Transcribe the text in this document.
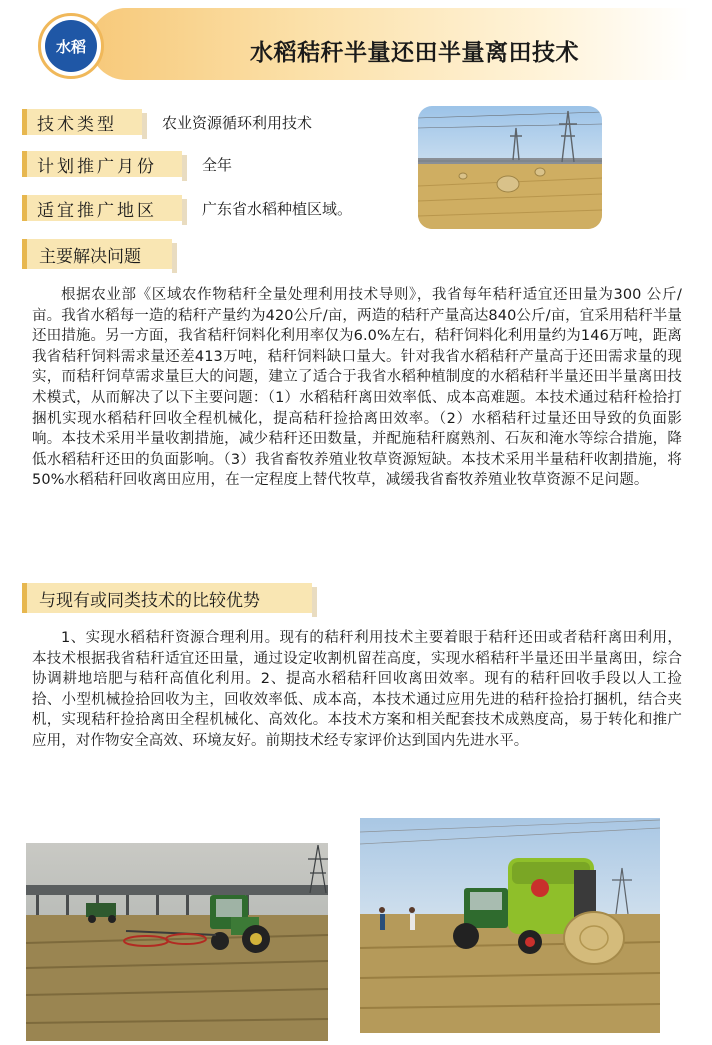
水稻秸秆半量还田半量离田技术
水稻
技术类型	农业资源循环利用技术
计划推广月份	全年
适宜推广地区	广东省水稻种植区域。
主要解决问题
根据农业部《区域农作物秸秆全量处理利用技术导则》，我省每年秸秆适宜还田量为300 公斤/亩。我省水稻每一造的秸秆产量约为420公斤/亩，两造的秸秆产量高达840公斤/亩，宜采用秸秆半量还田措施。另一方面，我省秸秆饲料化利用率仅为6.0%左右，秸秆饲料化利用量约为146万吨，距离我省秸秆饲料需求量还差413万吨，秸秆饲料缺口量大。针对我省水稻秸秆产量高于还田需求量的现实，而秸秆饲草需求量巨大的问题，建立了适合于我省水稻种植制度的水稻秸秆半量还田半量离田技术模式，从而解决了以下主要问题：（1）水稻秸秆离田效率低、成本高难题。本技术通过秸秆检拾打捆机实现水稻秸秆回收全程机械化，提高秸秆捡拾离田效率。（2）水稻秸秆过量还田导致的负面影响。本技术采用半量收割措施，减少秸秆还田数量，并配施秸秆腐熟剂、石灰和淹水等综合措施，降低水稻秸秆还田的负面影响。（3）我省畜牧养殖业牧草资源短缺。本技术采用半量秸秆收割措施，将50%水稻秸秆回收离田应用，在一定程度上替代牧草，减缓我省畜牧养殖业牧草资源不足问题。
与现有或同类技术的比较优势
1、实现水稻秸秆资源合理利用。现有的秸秆利用技术主要着眼于秸秆还田或者秸秆离田利用，本技术根据我省秸秆适宜还田量，通过设定收割机留茬高度，实现水稻秸秆半量还田半量离田，综合协调耕地培肥与秸秆高值化利用。2、提高水稻秸秆回收离田效率。现有的秸秆回收手段以人工捡拾、小型机械捡拾回收为主，回收效率低、成本高，本技术通过应用先进的秸秆捡拾打捆机，结合夹机，实现秸秆捡拾离田全程机械化、高效化。本技术方案和相关配套技术成熟度高，易于转化和推广应用，对作物安全高效、环境友好。前期技术经专家评价达到国内先进水平。
